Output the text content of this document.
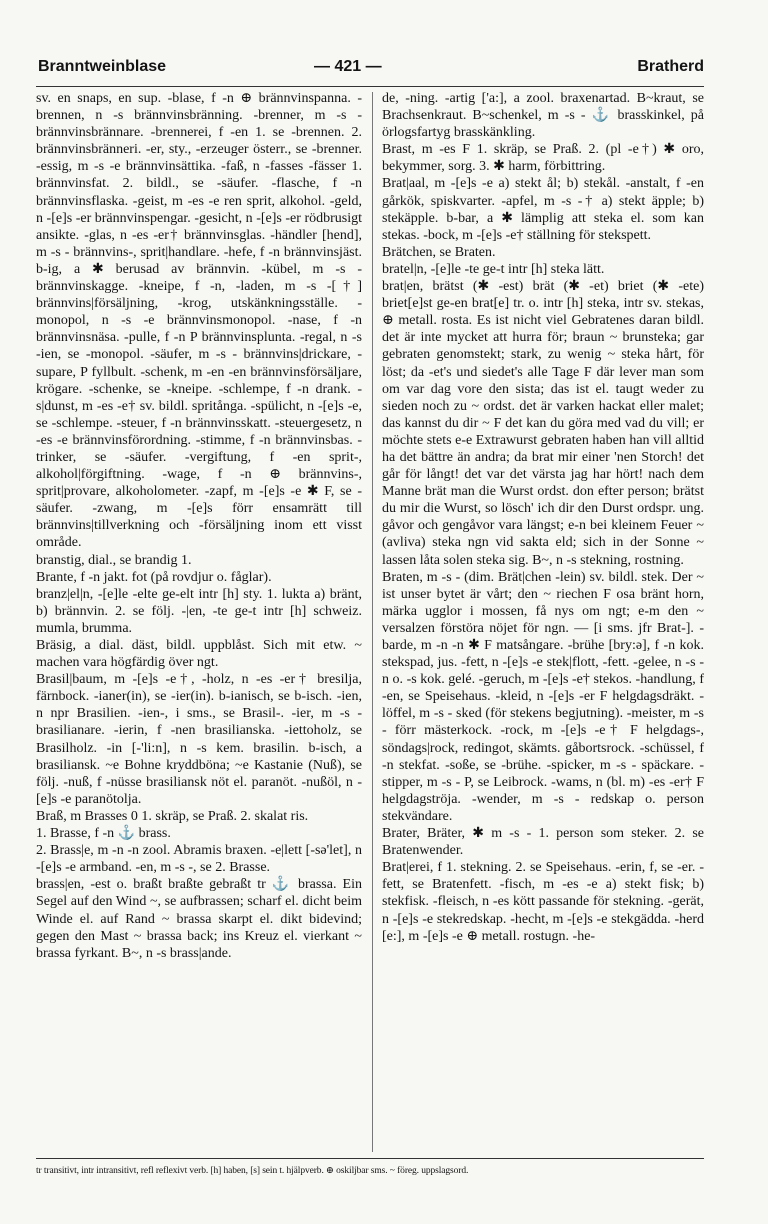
Branntweinblase	— 421 —	Bratherd

sv. en snaps, en sup. -blase, f -n ⊕ brännvinspanna. -brennen, n -s brännvinsbränning. -brenner, m -s - brännvinsbrännare. -brennerei, f -en 1. se -brennen. 2. brännvinsbränneri. -er, sty., -erzeuger österr., se -brenner. -essig, m -s -e brännvinsättika. -faß, n -fasses -fässer 1. brännvinsfat. 2. bildl., se -säufer. -flasche, f -n brännvinsflaska. -geist, m -es -e ren sprit, alkohol. -geld, n -[e]s -er brännvinspengar. -gesicht, n -[e]s -er rödbrusigt ansikte. -glas, n -es -er† brännvinsglas. -händler [hend], m -s - brännvins-, sprit|handlare. -hefe, f -n brännvinsjäst. b-ig, a ✱ berusad av brännvin. -kübel, m -s - brännvinskagge. -kneipe, f -n, -laden, m -s -[†] brännvins|försäljning, -krog, utskänkningsställe. -monopol, n -s -e brännvinsmonopol. -nase, f -n brännvinsnäsa. -pulle, f -n P brännvinsplunta. -regal, n -s -ien, se -monopol. -säufer, m -s - brännvins|drickare, -supare, P fyllbult. -schenk, m -en -en brännvinsförsäljare, krögare. -schenke, se -kneipe. -schlempe, f -n drank. -s|dunst, m -es -e† sv. bildl. spritånga. -spülicht, n -[e]s -e, se -schlempe. -steuer, f -n brännvinsskatt. -steuergesetz, n -es -e brännvinsförordning. -stimme, f -n brännvinsbas. -trinker, se -säufer. -vergiftung, f -en sprit-, alkohol|förgiftning. -wage, f -n ⊕ brännvins-, sprit|provare, alkoholometer. -zapf, m -[e]s -e ✱ F, se -säufer. -zwang, m -[e]s förr ensamrätt till brännvins|tillverkning och -försäljning inom ett visst område.

branstig, dial., se brandig 1.

Brante, f -n jakt. fot (på rovdjur o. fåglar).

branz|el|n, -[e]le -elte ge-elt intr [h] sty. 1. lukta a) bränt, b) brännvin. 2. se följ. -|en, -te ge-t intr [h] schweiz. mumla, brumma.

Bräsig, a dial. däst, bildl. uppblåst. Sich mit etw. ~ machen vara högfärdig över ngt.

Brasil|baum, m -[e]s -e†, -holz, n -es -er† bresilja, färnbock. -ianer(in), se -ier(in). b-ianisch, se b-isch. -ien, n npr Brasilien. -ien-, i sms., se Brasil-. -ier, m -s - brasilianare. -ierin, f -nen brasilianska. -iettoholz, se Brasilholz. -in [-'li:n], n -s kem. brasilin. b-isch, a brasiliansk. ~e Bohne kryddböna; ~e Kastanie (Nuß), se följ. -nuß, f -nüsse brasiliansk nöt el. paranöt. -nußöl, n -[e]s -e paranötolja.

Braß, m Brasses 0 1. skräp, se Praß. 2. skalat ris.

1. Brasse, f -n ⚓ brass.

2. Brass|e, m -n -n zool. Abramis braxen. -e|lett [-sə'let], n -[e]s -e armband. -en, m -s -, se 2. Brasse.

brass|en, -est o. braßt braßte gebraßt tr ⚓ brassa. Ein Segel auf den Wind ~, se aufbrassen; scharf el. dicht beim Winde el. auf Rand ~ brassa skarpt el. dikt bidevind; gegen den Mast ~ brassa back; ins Kreuz el. vierkant ~ brassa fyrkant. B~, n -s brass|ande.

de, -ning. -artig ['a:], a zool. braxenartad. B~kraut, se Brachsenkraut. B~schenkel, m -s - ⚓ brasskinkel, på örlogsfartyg brasskänkling.

Brast, m -es F 1. skräp, se Praß. 2. (pl -e†) ✱ oro, bekymmer, sorg. 3. ✱ harm, förbittring.

Brat|aal, m -[e]s -e a) stekt ål; b) stekål. -anstalt, f -en gårkök, spiskvarter. -apfel, m -s -† a) stekt äpple; b) stekäpple. b-bar, a ✱ lämplig att steka el. som kan stekas. -bock, m -[e]s -e† ställning för stekspett.

Brätchen, se Braten.

bratel|n, -[e]le -te ge-t intr [h] steka lätt.

brat|en, brätst (✱ -est) brät (✱ -et) briet (✱ -ete) briet[e]st ge-en brat[e] tr. o. intr [h] steka, intr sv. stekas, ⊕ metall. rosta. Es ist nicht viel Gebratenes daran bildl. det är inte mycket att hurra för; braun ~ brunsteka; gar gebraten genomstekt; stark, zu wenig ~ steka hårt, för löst; da -et's und siedet's alle Tage F där lever man som om var dag vore den sista; das ist el. taugt weder zu sieden noch zu ~ ordst. det är varken hackat eller malet; das kannst du dir ~ F det kan du göra med vad du vill; er möchte stets e-e Extrawurst gebraten haben han vill alltid ha det bättre än andra; da brat mir einer 'nen Storch! det går för långt! det var det värsta jag har hört! nach dem Manne brät man die Wurst ordst. don efter person; brätst du mir die Wurst, so lösch' ich dir den Durst ordspr. ung. gåvor och gengåvor vara längst; e-n bei kleinem Feuer ~ (avliva) steka ngn vid sakta eld; sich in der Sonne ~ lassen låta solen steka sig. B~, n -s stekning, rostning.

Braten, m -s - (dim. Brät|chen -lein) sv. bildl. stek. Der ~ ist unser bytet är vårt; den ~ riechen F osa bränt horn, märka ugglor i mossen, få nys om ngt; e-m den ~ versalzen förstöra nöjet för ngn. — [i sms. jfr Brat-]. -barde, m -n -n ✱ F matsångare. -brühe [bry:ə], f -n kok. stekspad, jus. -fett, n -[e]s -e stek|flott, -fett. -gelee, n -s -n o. -s kok. gelé. -geruch, m -[e]s -e† stekos. -handlung, f -en, se Speisehaus. -kleid, n -[e]s -er F helgdagsdräkt. -löffel, m -s - sked (för stekens begjutning). -meister, m -s - förr mästerkock. -rock, m -[e]s -e† F helgdags-, söndags|rock, redingot, skämts. gåbortsrock. -schüssel, f -n stekfat. -soße, se -brühe. -spicker, m -s - späckare. -stipper, m -s - P, se Leibrock. -wams, n (bl. m) -es -er† F helgdagströja. -wender, m -s - redskap o. person stekvändare.

Brater, Bräter, ✱ m -s - 1. person som steker. 2. se Bratenwender.

Brat|erei, f 1. stekning. 2. se Speisehaus. -erin, f, se -er. -fett, se Bratenfett. -fisch, m -es -e a) stekt fisk; b) stekfisk. -fleisch, n -es kött passande för stekning. -gerät, n -[e]s -e stekredskap. -hecht, m -[e]s -e stekgädda. -herd [e:], m -[e]s -e ⊕ metall. rostugn. -he-

tr transitivt, intr intransitivt, refl reflexivt verb. [h] haben, [s] sein t. hjälpverb. ⊕ oskiljbar sms. ~ föreg. uppslagsord.
